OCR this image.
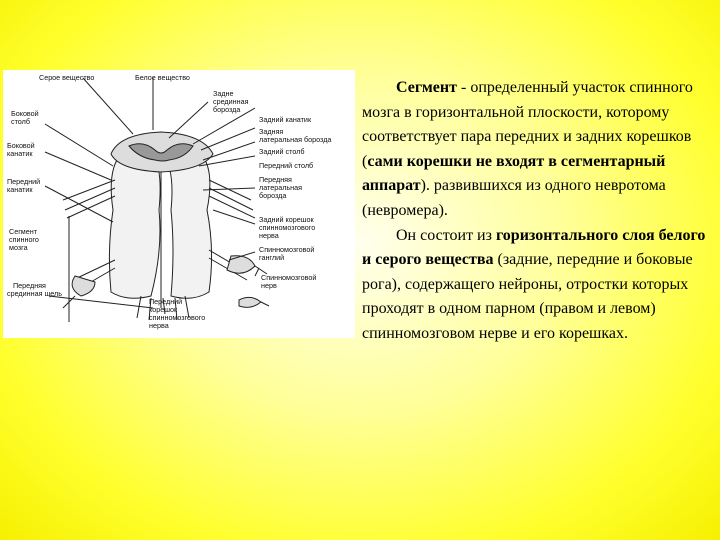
Серое вещество	Белое вещество
Задне
срединная
борозда
Задний канатик
Задняя
латеральная борозда
Задний столб
Передний столб
Передняя
латеральная
борозда
Задний корешок
спинномозгового
нерва
Спинномозговой
ганглий
Спинномозговой
нерв
Боковой
столб
Боковой
канатик
Передний
канатик
Сегмент
спинного
мозга
Передняя
срединная щель
Передний
корешок
спинномозгового
нерва

Сегмент - определенный участок спинного мозга в горизонтальной плоскости, которому соответствует пара передних и задних корешков (сами корешки не входят в сегментарный аппарат). развившихся из одного невротома (невромера).

Он состоит из горизонтального слоя белого и серого вещества (задние, передние и боковые рога), содержащего нейроны, отростки которых проходят в одном парном (правом и левом) спинномозговом нерве и его корешках.
